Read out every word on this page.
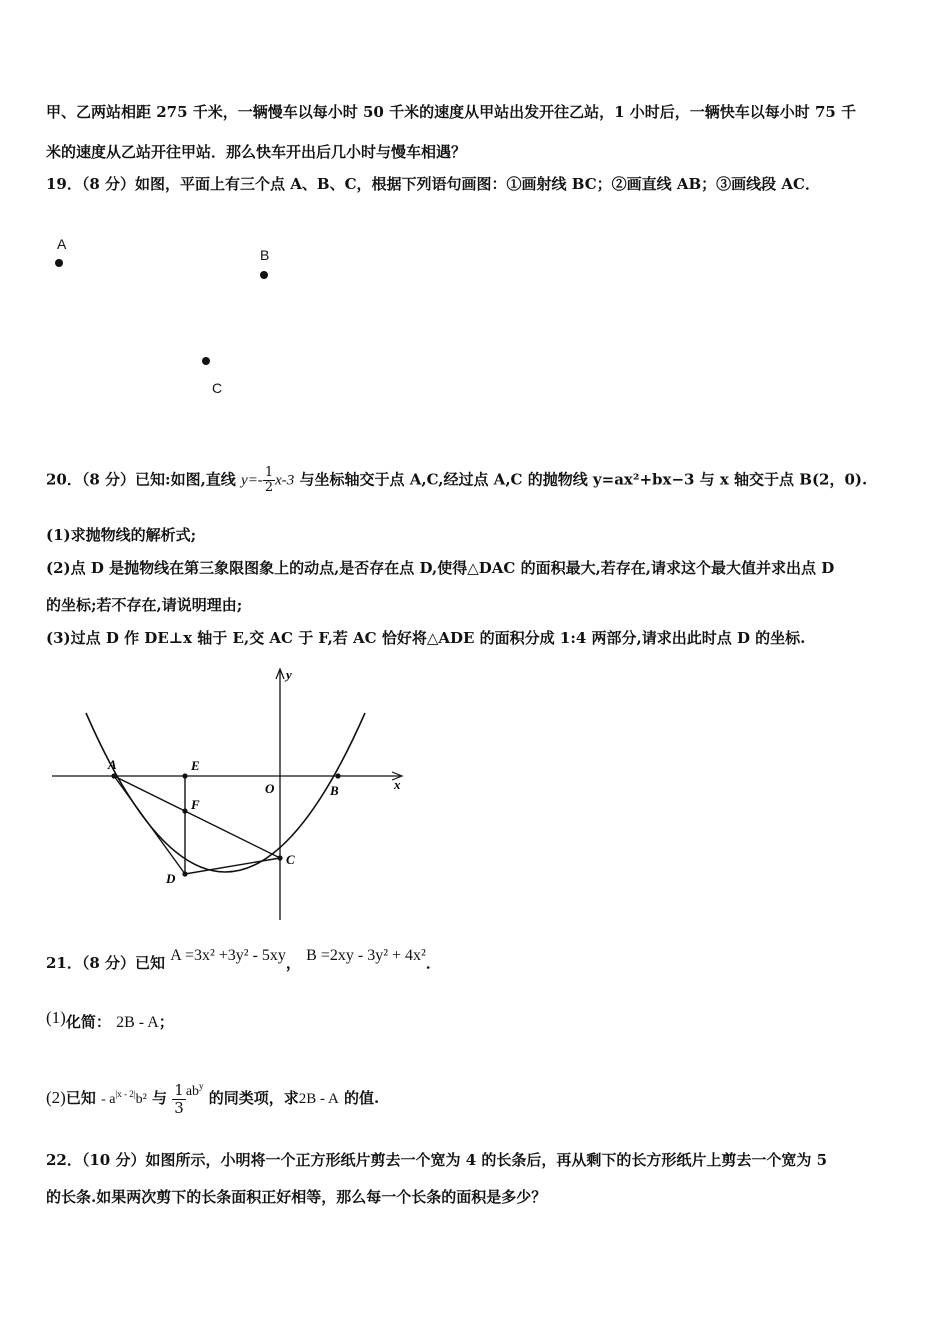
甲、乙两站相距 275 千米，一辆慢车以每小时 50 千米的速度从甲站出发开往乙站，1 小时后，一辆快车以每小时 75 千
米的速度从乙站开往甲站．那么快车开出后几小时与慢车相遇？
19．（8 分）如图，平面上有三个点 A、B、C，根据下列语句画图：①画射线 BC；②画直线 AB；③画线段 AC．
A
B
C
20．（8 分）已知:如图,直线 $y=- \frac{1}{2} x-3$ 与坐标轴交于点 A,C,经过点 A,C 的抛物线 y=ax²+bx−3 与 x 轴交于点 B(2，0).
(1)求抛物线的解析式;
(2)点 D 是抛物线在第三象限图象上的动点,是否存在点 D,使得△DAC 的面积最大,若存在,请求这个最大值并求出点 D
的坐标;若不存在,请说明理由;
(3)过点 D 作 DE⊥x 轴于 E,交 AC 于 F,若 AC 恰好将△ADE 的面积分成 1:4 两部分,请求出此时点 D 的坐标.
y
x
A	E
O	B
F
C
D
21．（8 分）已知 A =3x² +3y² - 5xy， B =2xy - 3y² + 4x²．
(1)化简： 2B - A；
(2)已知 - $a^{|x - 2|}b^2$ 与 $\frac{1}{3} ab^y$ 的同类项，求2B - A 的值.
22．（10 分）如图所示，小明将一个正方形纸片剪去一个宽为 4 的长条后，再从剩下的长方形纸片上剪去一个宽为 5
的长条.如果两次剪下的长条面积正好相等，那么每一个长条的面积是多少？
